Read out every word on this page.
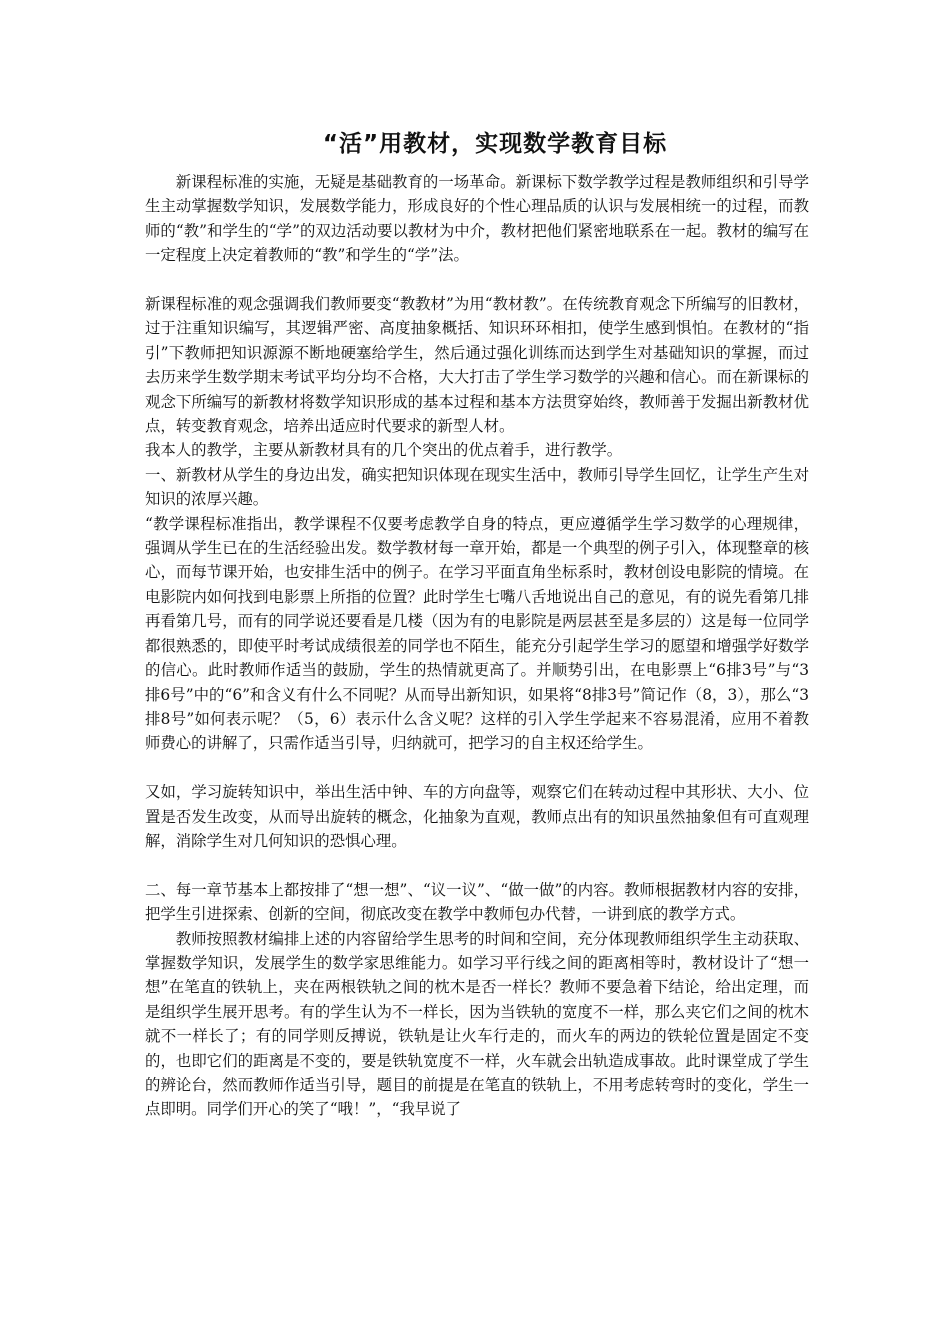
“活”用教材，实现数学教育目标

新课程标准的实施，无疑是基础教育的一场革命。新课标下数学教学过程是教师组织和引导学生主动掌握数学知识，发展数学能力，形成良好的个性心理品质的认识与发展相统一的过程，而教师的“教”和学生的“学”的双边活动要以教材为中介，教材把他们紧密地联系在一起。教材的编写在一定程度上决定着教师的“教”和学生的“学”法。

新课程标准的观念强调我们教师要变“教教材”为用“教材教”。在传统教育观念下所编写的旧教材，过于注重知识编写，其逻辑严密、高度抽象概括、知识环环相扣，使学生感到惧怕。在教材的“指引”下教师把知识源源不断地硬塞给学生，然后通过强化训练而达到学生对基础知识的掌握，而过去历来学生数学期末考试平均分均不合格，大大打击了学生学习数学的兴趣和信心。而在新课标的观念下所编写的新教材将数学知识形成的基本过程和基本方法贯穿始终，教师善于发掘出新教材优点，转变教育观念，培养出适应时代要求的新型人材。

我本人的教学，主要从新教材具有的几个突出的优点着手，进行教学。

一、新教材从学生的身边出发，确实把知识体现在现实生活中，教师引导学生回忆，让学生产生对知识的浓厚兴趣。

“教学课程标准指出，教学课程不仅要考虑教学自身的特点，更应遵循学生学习数学的心理规律，强调从学生已在的生活经验出发。数学教材每一章开始，都是一个典型的例子引入，体现整章的核心，而每节课开始，也安排生活中的例子。在学习平面直角坐标系时，教材创设电影院的情境。在电影院内如何找到电影票上所指的位置？此时学生七嘴八舌地说出自己的意见，有的说先看第几排再看第几号，而有的同学说还要看是几楼（因为有的电影院是两层甚至是多层的）这是每一位同学都很熟悉的，即使平时考试成绩很差的同学也不陌生，能充分引起学生学习的愿望和增强学好数学的信心。此时教师作适当的鼓励，学生的热情就更高了。并顺势引出，在电影票上“6排3号”与“3排6号”中的“6”和含义有什么不同呢？从而导出新知识，如果将“8排3号”简记作（8，3），那么“3排8号”如何表示呢？（5，6）表示什么含义呢？这样的引入学生学起来不容易混淆，应用不着教师费心的讲解了，只需作适当引导，归纳就可，把学习的自主权还给学生。

又如，学习旋转知识中，举出生活中钟、车的方向盘等，观察它们在转动过程中其形状、大小、位置是否发生改变，从而导出旋转的概念，化抽象为直观，教师点出有的知识虽然抽象但有可直观理解，消除学生对几何知识的恐惧心理。

二、每一章节基本上都按排了“想一想”、“议一议”、“做一做”的内容。教师根据教材内容的安排，把学生引进探索、创新的空间，彻底改变在教学中教师包办代替，一讲到底的教学方式。

教师按照教材编排上述的内容留给学生思考的时间和空间，充分体现教师组织学生主动获取、掌握数学知识，发展学生的数学家思维能力。如学习平行线之间的距离相等时，教材设计了“想一想”在笔直的铁轨上，夹在两根铁轨之间的枕木是否一样长？教师不要急着下结论，给出定理，而是组织学生展开思考。有的学生认为不一样长，因为当铁轨的宽度不一样，那么夹它们之间的枕木就不一样长了；有的同学则反搏说，铁轨是让火车行走的，而火车的两边的铁轮位置是固定不变的，也即它们的距离是不变的，要是铁轨宽度不一样，火车就会出轨造成事故。此时课堂成了学生的辨论台，然而教师作适当引导，题目的前提是在笔直的铁轨上，不用考虑转弯时的变化，学生一点即明。同学们开心的笑了“哦！”，“我早说了
